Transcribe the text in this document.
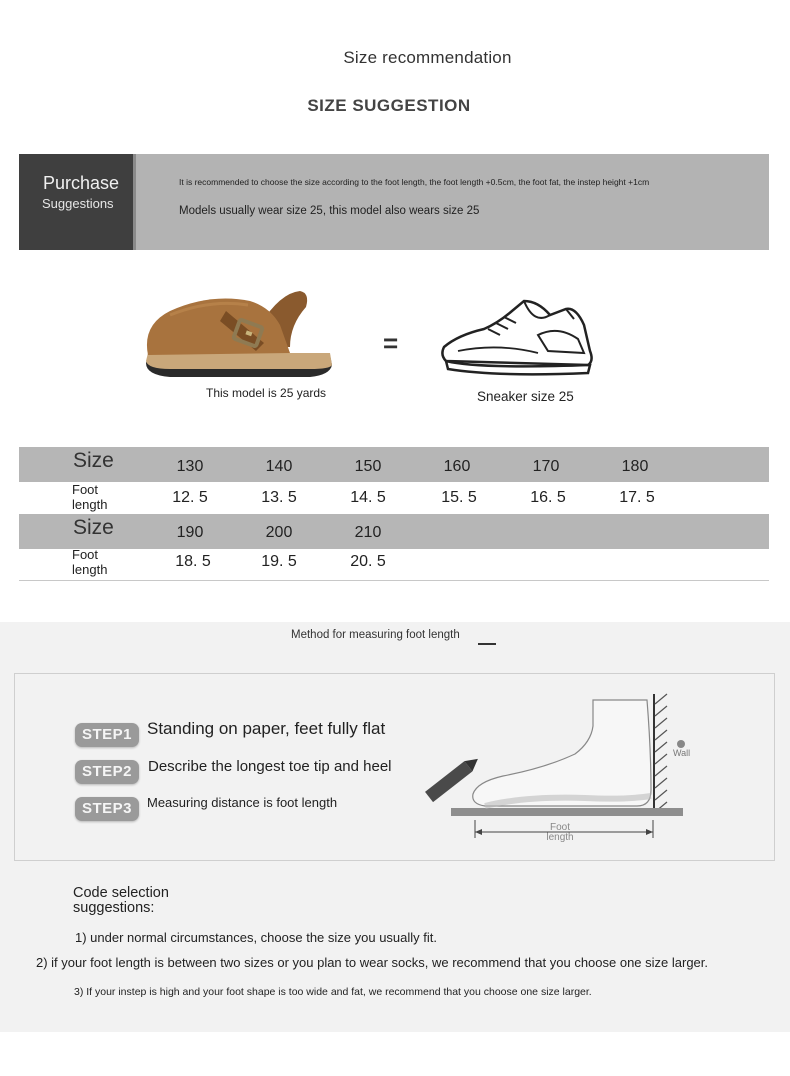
Size recommendation
SIZE SUGGESTION
Purchase
Suggestions
It is recommended to choose the size according to the foot length, the foot length +0.5cm, the foot fat, the instep height +1cm
Models usually wear size 25, this model also wears size 25
This model is 25 yards
=
Sneaker size 25
Size	130	140	150	160	170	180
Foot length	12. 5	13. 5	14. 5	15. 5	16. 5	17. 5
Size	190	200	210
Foot length	18. 5	19. 5	20. 5
Method for measuring foot length
STEP1
STEP2
STEP3
Standing on paper, feet fully flat
Describe the longest toe tip and heel
Measuring distance is foot length
Wall
Foot length
Code selection suggestions:
1) under normal circumstances, choose the size you usually fit.
2) if your foot length is between two sizes or you plan to wear socks, we recommend that you choose one size larger.
3) If your instep is high and your foot shape is too wide and fat, we recommend that you choose one size larger.
